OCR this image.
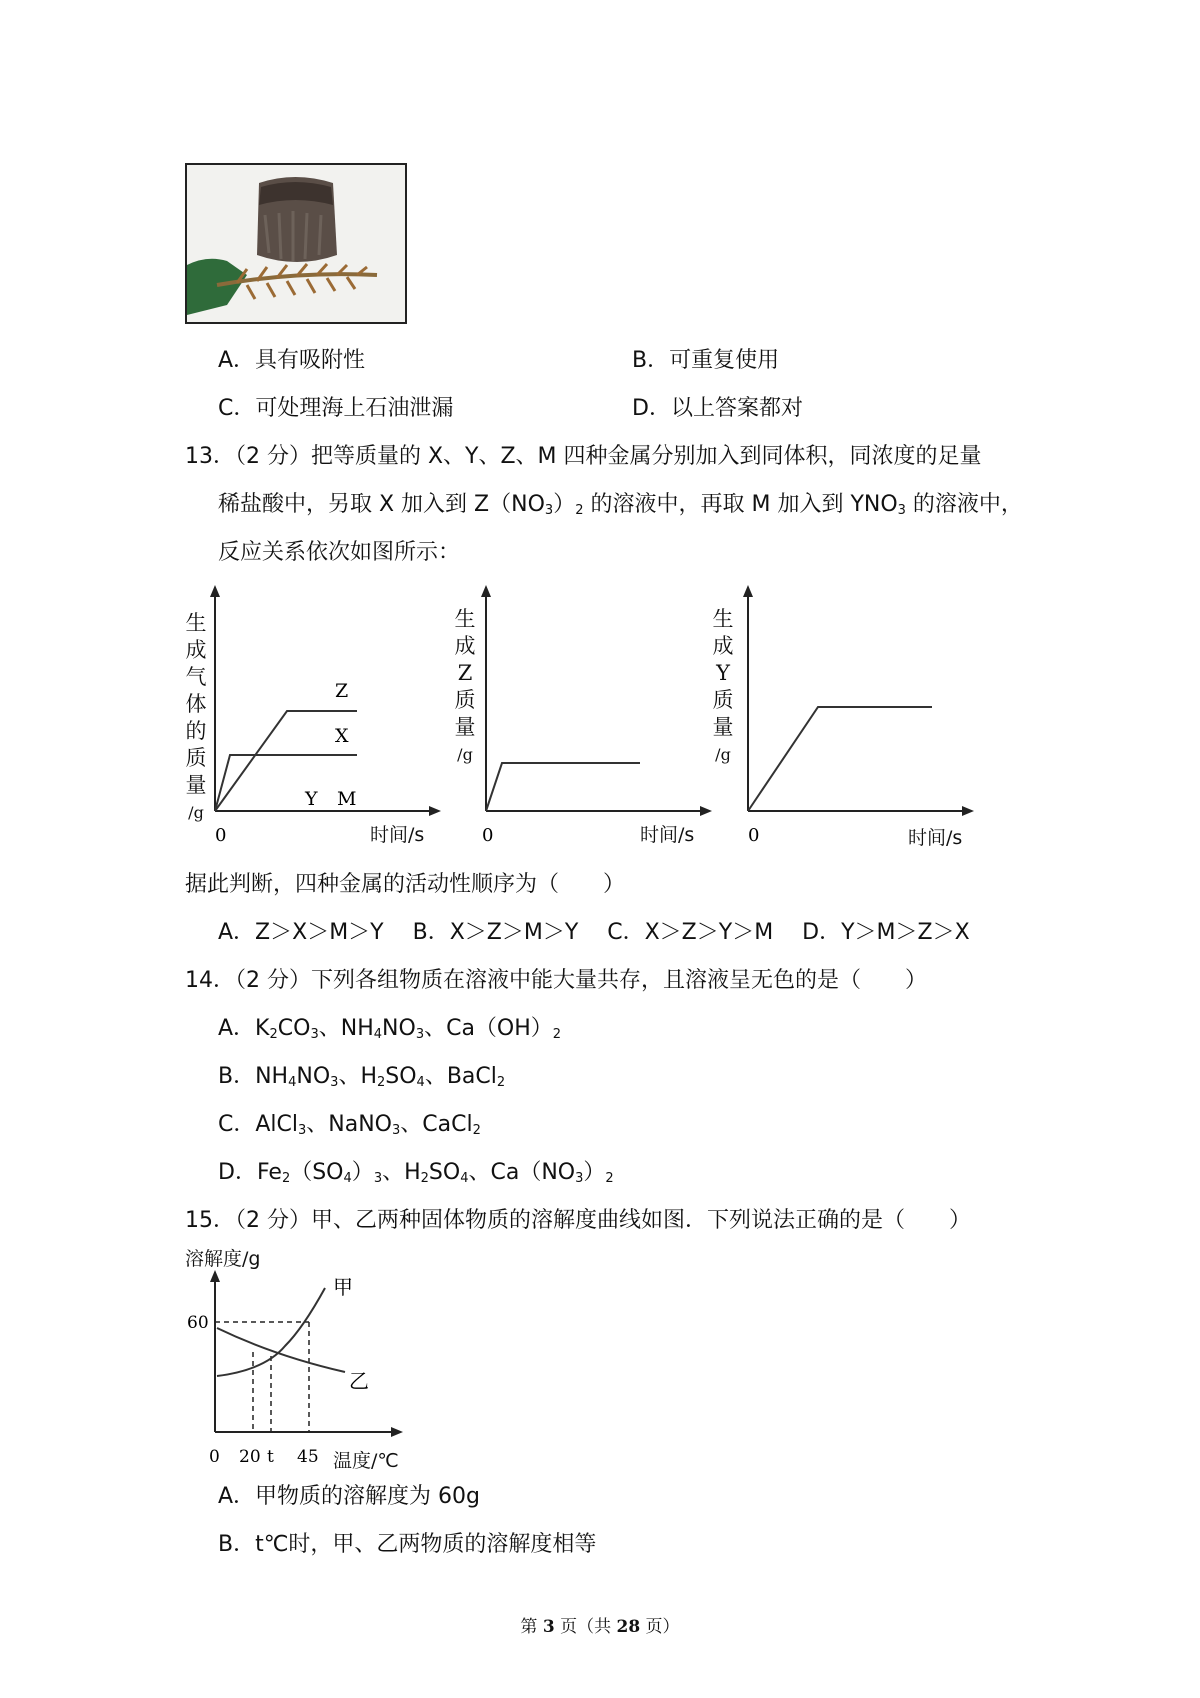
A．具有吸附性	B．可重复使用
C．可处理海上石油泄漏	D．以上答案都对
13．（2 分）把等质量的 X、Y、Z、M 四种金属分别加入到同体积，同浓度的足量
稀盐酸中，另取 X 加入到 $Z(NO_3)_2$ 的溶液中，再取 M 加入到 $YNO_3$ 的溶液中，
反应关系依次如图所示：
生
成
气
体
的
质
量
/g
Z
X
Y M
0	时间/s
生
成
Z
质
量
/g
0	时间/s
生
成
Y
质
量
/g
0	时间/s
据此判断，四种金属的活动性顺序为（　　）
A．Z＞X＞M＞Y　 B．X＞Z＞M＞Y　 C．X＞Z＞Y＞M　 D．Y＞M＞Z＞X
14．（2 分）下列各组物质在溶液中能大量共存，且溶液呈无色的是（　　）
A．$K_2CO_3$、$NH_4NO_3$、$Ca(OH)_2$
B．$NH_4NO_3$、$H_2SO_4$、BaCl$_2$
C．AlCl$_3$、NaNO$_3$、CaCl$_2$
D．$Fe_2(SO_4)_3$、$H_2SO_4$、$Ca(NO_3)_2$
15．（2 分）甲、乙两种固体物质的溶解度曲线如图．下列说法正确的是（　　）
溶解度/g
60
甲
乙
0 20 t 45 温度/℃
A．甲物质的溶解度为 60g
B．t℃时，甲、乙两物质的溶解度相等
第 3 页（共 28 页）
